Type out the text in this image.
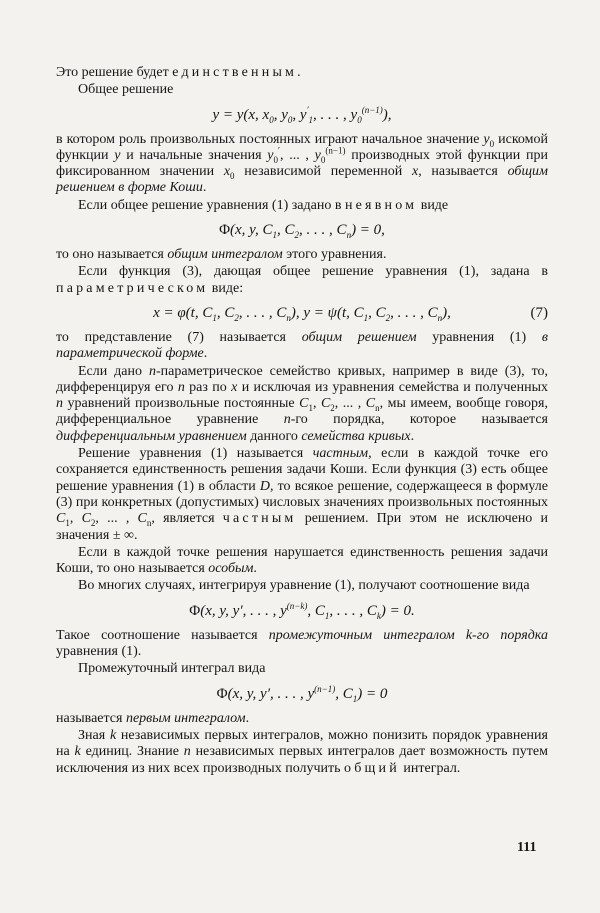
Это решение будет единственным.
Общее решение
y = y(x, $x_0$, $y_0$, $y'_1$, . . . , $y_0^{(n-1)}$),
в котором роль произвольных постоянных играют начальное значение $y_0$ искомой функции y и начальные значения $y_0'$, ... , $y_0^{(n-1)}$ производных этой функции при фиксированном значении $x_0$ независимой переменной x, называется общим решением в форме Коши.
Если общее решение уравнения (1) задано в неявном виде
Φ(x, y, $C_1$, $C_2$, . . . , $C_n) = 0$,
то оно называется общим интегралом этого уравнения.
Если функция (3), дающая общее решение уравнения (1), задана в параметрическом виде:
x = φ(t, $C_1$, $C_2$, . . . , $C_n$), y = ψ(t, $C_1$, $C_2$, . . . , $C_n$),	(7)
то представление (7) называется общим решением уравнения (1) в параметрической форме.
Если дано n-параметрическое семейство кривых, например в виде (3), то, дифференцируя его n раз по x и исключая из уравнения семейства и полученных n уравнений произвольные постоянные $C_1$, $C_2$, ... , $C_n$, мы имеем, вообще говоря, дифференциальное уравнение n-го порядка, которое называется дифференциальным уравнением данного семейства кривых.
Решение уравнения (1) называется частным, если в каждой точке его сохраняется единственность решения задачи Коши. Если функция (3) есть общее решение уравнения (1) в области D, то всякое решение, содержащееся в формуле (3) при конкретных (допустимых) числовых значениях произвольных постоянных $C_1$, $C_2$, ... , $C_n$, является частным решением. При этом не исключено и значения ± ∞.
Если в каждой точке решения нарушается единственность решения задачи Коши, то оно называется особым.
Во многих случаях, интегрируя уравнение (1), получают соотношение вида
Φ(x, y, y′, . . . , $y^{(n-k)}$, $C_1$, . . . , $C_k) = 0$.
Такое соотношение называется промежуточным интегралом k-го порядка уравнения (1).
Промежуточный интеграл вида
Φ(x, y, y′, . . . , $y^{(n-1)}$, $C_1) = 0$
называется первым интегралом.
Зная k независимых первых интегралов, можно понизить порядок уравнения на k единиц. Знание n независимых первых интегралов дает возможность путем исключения из них всех производных получить общий интеграл.
111
